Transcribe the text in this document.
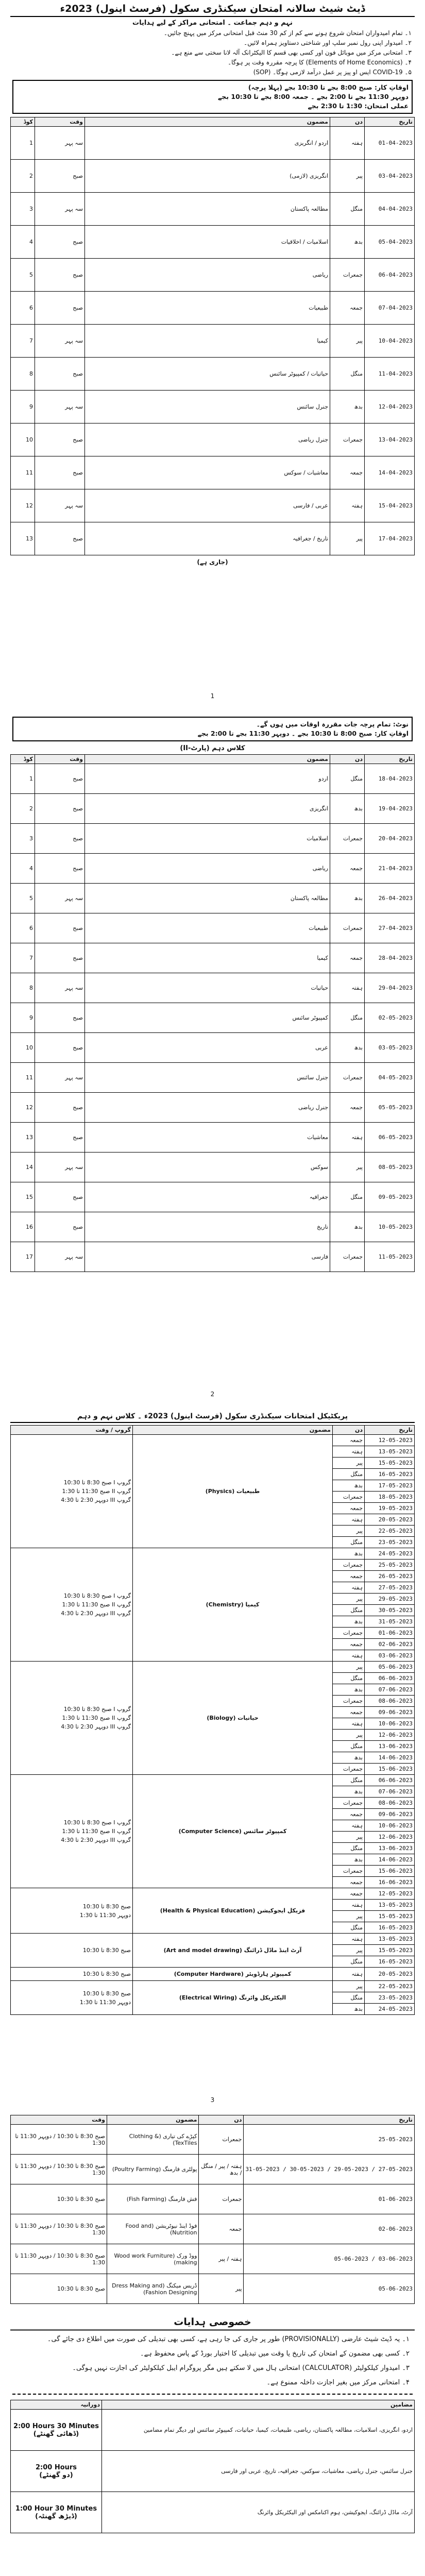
ڈیٹ شیٹ سالانہ امتحان سیکنڈری سکول (فرسٹ اینول) 2023ء
نہم و دہم جماعت ۔ امتحانی مراکز کے لیے ہدایات
۱۔ تمام امیدواران امتحان شروع ہونے سے کم از کم 30 منٹ قبل امتحانی مرکز میں پہنچ جائیں۔
۲۔ امیدوار اپنی رول نمبر سلپ اور شناختی دستاویز ہمراہ لائیں۔
۳۔ امتحانی مرکز میں موبائل فون اور کسی بھی قسم کا الیکٹرانک آلہ لانا سختی سے منع ہے۔
۴۔ (Elements of Home Economics) کا پرچہ مقررہ وقت پر ہوگا۔
۵۔ COVID-19 ایس او پیز پر عمل درآمد لازمی ہوگا۔ (SOP)
اوقاتِ کار: صبح 8:00 بجے تا 10:30 بجے (پہلا پرچہ)
دوپہر 11:30 بجے تا 2:00 بجے ۔ جمعہ 8:00 بجے تا 10:30 بجے
عملی امتحان: 1:30 تا 2:30 بجے
تاریخ	دن	مضمون	وقت	کوڈ
01-04-2023	ہفتہ	اردو / انگریزی	سہ پہر	1
03-04-2023	پیر	انگریزی (لازمی)	صبح	2
04-04-2023	منگل	مطالعہ پاکستان	سہ پہر	3
05-04-2023	بدھ	اسلامیات / اخلاقیات	صبح	4
06-04-2023	جمعرات	ریاضی	صبح	5
07-04-2023	جمعہ	طبیعیات	صبح	6
10-04-2023	پیر	کیمیا	سہ پہر	7
11-04-2023	منگل	حیاتیات / کمپیوٹر سائنس	صبح	8
12-04-2023	بدھ	جنرل سائنس	سہ پہر	9
13-04-2023	جمعرات	جنرل ریاضی	صبح	10
14-04-2023	جمعہ	معاشیات / سوکس	صبح	11
15-04-2023	ہفتہ	عربی / فارسی	سہ پہر	12
17-04-2023	پیر	تاریخ / جغرافیہ	صبح	13
(جاری ہے)
1
نوٹ: تمام پرچہ جات مقررہ اوقات میں ہوں گے۔
اوقاتِ کار: صبح 8:00 تا 10:30 بجے ۔ دوپہر 11:30 بجے تا 2:00 بجے
کلاس دہم (پارٹ-II)
تاریخ	دن	مضمون	وقت	کوڈ
18-04-2023	منگل	اردو	صبح	1
19-04-2023	بدھ	انگریزی	صبح	2
20-04-2023	جمعرات	اسلامیات	صبح	3
21-04-2023	جمعہ	ریاضی	صبح	4
26-04-2023	بدھ	مطالعہ پاکستان	سہ پہر	5
27-04-2023	جمعرات	طبیعیات	صبح	6
28-04-2023	جمعہ	کیمیا	صبح	7
29-04-2023	ہفتہ	حیاتیات	سہ پہر	8
02-05-2023	منگل	کمپیوٹر سائنس	صبح	9
03-05-2023	بدھ	عربی	صبح	10
04-05-2023	جمعرات	جنرل سائنس	سہ پہر	11
05-05-2023	جمعہ	جنرل ریاضی	صبح	12
06-05-2023	ہفتہ	معاشیات	صبح	13
08-05-2023	پیر	سوکس	سہ پہر	14
09-05-2023	منگل	جغرافیہ	صبح	15
10-05-2023	بدھ	تاریخ	صبح	16
11-05-2023	جمعرات	فارسی	سہ پہر	17
2
پریکٹیکل امتحانات سیکنڈری سکول (فرسٹ اینول) 2023ء ۔ کلاس نہم و دہم
تاریخ	دن	مضمون	گروپ / وقت
12-05-2023	جمعہ	طبیعیات (Physics)	گروپ I صبح 8:30 تا 10:30
گروپ II صبح 11:30 تا 1:30
گروپ III دوپہر 2:30 تا 4:30

13-05-2023	ہفتہ		
15-05-2023	پیر		
16-05-2023	منگل		
17-05-2023	بدھ		
18-05-2023	جمعرات		
19-05-2023	جمعہ		
20-05-2023	ہفتہ		
22-05-2023	پیر		
23-05-2023	منگل		
24-05-2023	بدھ	کیمیا (Chemistry)	گروپ I صبح 8:30 تا 10:30
گروپ II صبح 11:30 تا 1:30
گروپ III دوپہر 2:30 تا 4:30

25-05-2023	جمعرات		
26-05-2023	جمعہ		
27-05-2023	ہفتہ		
29-05-2023	پیر		
30-05-2023	منگل		
31-05-2023	بدھ		
01-06-2023	جمعرات		
02-06-2023	جمعہ		
03-06-2023	ہفتہ		
05-06-2023	پیر	حیاتیات (Biology)	گروپ I صبح 8:30 تا 10:30
گروپ II صبح 11:30 تا 1:30
گروپ III دوپہر 2:30 تا 4:30

06-06-2023	منگل		
07-06-2023	بدھ		
08-06-2023	جمعرات		
09-06-2023	جمعہ		
10-06-2023	ہفتہ		
12-06-2023	پیر		
13-06-2023	منگل		
14-06-2023	بدھ		
15-06-2023	جمعرات		
06-06-2023	منگل	کمپیوٹر سائنس (Computer Science)	گروپ I صبح 8:30 تا 10:30
گروپ II صبح 11:30 تا 1:30
گروپ III دوپہر 2:30 تا 4:30

07-06-2023	بدھ		
08-06-2023	جمعرات		
09-06-2023	جمعہ		
10-06-2023	ہفتہ		
12-06-2023	پیر		
13-06-2023	منگل		
14-06-2023	بدھ		
15-06-2023	جمعرات		
16-06-2023	جمعہ		
12-05-2023	جمعہ	فزیکل ایجوکیشن (Health & Physical Education)	صبح 8:30 تا 10:30
دوپہر 11:30 تا 1:30

13-05-2023	ہفتہ		
15-05-2023	پیر		
16-05-2023	منگل		
13-05-2023	ہفتہ	آرٹ اینڈ ماڈل ڈرائنگ (Art and model drawing)	صبح 8:30 تا 10:30

15-05-2023	پیر		
16-05-2023	منگل		
20-05-2023	ہفتہ	کمپیوٹر ہارڈویئر (Computer Hardware)	صبح 8:30 تا 10:30

22-05-2023	پیر	الیکٹریکل وائرنگ (Electrical Wiring)	صبح 8:30 تا 10:30
دوپہر 11:30 تا 1:30

23-05-2023	منگل		
24-05-2023	بدھ		
3
تاریخ	دن	مضمون	وقت
25-05-2023	جمعرات	کپڑے کی تیاری (Clothing & TexTiles)	صبح 8:30 تا 10:30 / دوپہر 11:30 تا 1:30
27-05-2023 / 29-05-2023 / 30-05-2023 / 31-05-2023	ہفتہ / پیر / منگل / بدھ	پولٹری فارمنگ (Poultry Farming)	صبح 8:30 تا 10:30 / دوپہر 11:30 تا 1:30
01-06-2023	جمعرات	فش فارمنگ (Fish Farming)	صبح 8:30 تا 10:30
02-06-2023	جمعہ	فوڈ اینڈ نیوٹریشن (Food and Nutrition)	صبح 8:30 تا 10:30 / دوپہر 11:30 تا 1:30
03-06-2023 / 05-06-2023	ہفتہ / پیر	ووڈ ورک (Wood work Furniture making)	صبح 8:30 تا 10:30 / دوپہر 11:30 تا 1:30
05-06-2023	پیر	ڈریس میکنگ (Dress Making and Fashion Designing)	صبح 8:30 تا 10:30
خصوصی ہدایات
۱۔ یہ ڈیٹ شیٹ عارضی (PROVISIONALLY) طور پر جاری کی جا رہی ہے، کسی بھی تبدیلی کی صورت میں اطلاع دی جائے گی۔
۲۔ کسی بھی مضمون کے امتحان کی تاریخ یا وقت میں تبدیلی کا اختیار بورڈ کے پاس محفوظ ہے۔
۳۔ امیدوار کیلکولیٹر (CALCULATOR) امتحانی ہال میں لا سکتے ہیں مگر پروگرام ایبل کیلکولیٹر کی اجازت نہیں ہوگی۔
۴۔ امتحانی مرکز میں بغیر اجازت داخلہ ممنوع ہے۔
مضامین	دورانیہ
اردو، انگریزی، اسلامیات، مطالعہ پاکستان، ریاضی، طبیعیات، کیمیا، حیاتیات، کمپیوٹر سائنس اور دیگر تمام مضامین	2:00 Hours 30 Minutes
(ڈھائی گھنٹے)

جنرل سائنس، جنرل ریاضی، معاشیات، سوکس، جغرافیہ، تاریخ، عربی اور فارسی	2:00 Hours
(دو گھنٹے)

آرٹ، ماڈل ڈرائنگ، ایجوکیشن، ہوم اکنامکس اور الیکٹریکل وائرنگ	1:00 Hour 30 Minutes
(ڈیڑھ گھنٹہ)
